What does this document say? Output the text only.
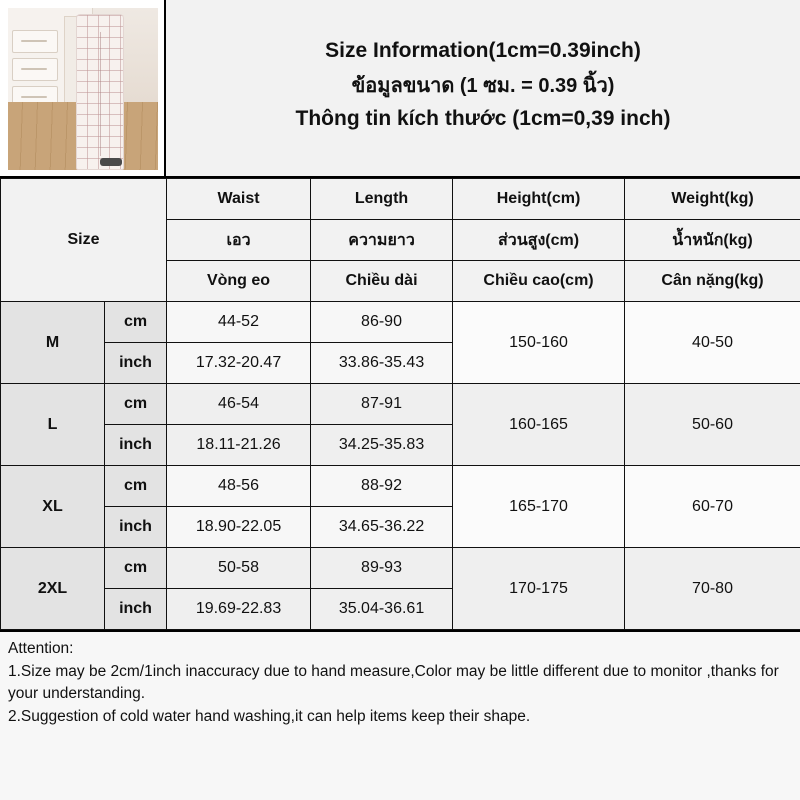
Size Information(1cm=0.39inch)
ข้อมูลขนาด (1 ซม. = 0.39 นิ้ว)
Thông tin kích thước (1cm=0,39 inch)
Size		Waist	Length	Height(cm)	Weight(kg)
		เอว	ความยาว	ส่วนสูง(cm)	น้ำหนัก(kg)
		Vòng eo	Chiều dài	Chiều cao(cm)	Cân nặng(kg)
M	cm	44-52	86-90	150-160	40-50
	inch	17.32-20.47	33.86-35.43		
L	cm	46-54	87-91	160-165	50-60
	inch	18.11-21.26	34.25-35.83		
XL	cm	48-56	88-92	165-170	60-70
	inch	18.90-22.05	34.65-36.22		
2XL	cm	50-58	89-93	170-175	70-80
	inch	19.69-22.83	35.04-36.61		

Attention:

1.Size may be 2cm/1inch inaccuracy due to hand measure,Color may be little different due to monitor ,thanks for your understanding.

2.Suggestion of cold water hand washing,it can help items keep their shape.
